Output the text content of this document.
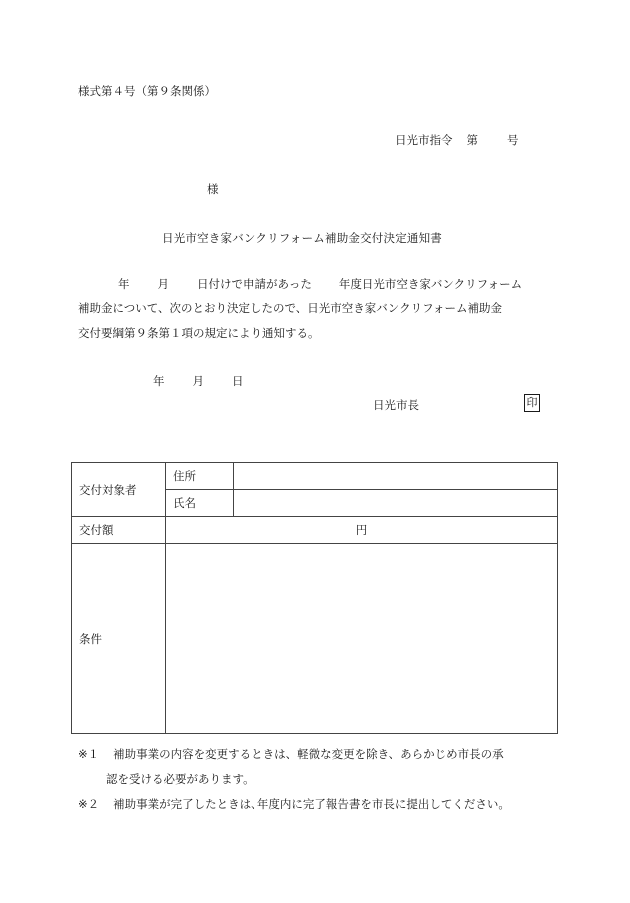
様式第４号（第９条関係）
日光市指令 第	号
様
日光市空き家バンクリフォーム補助金交付決定通知書
年 月 日付けで申請があった 年度日光市空き家バンクリフォーム
補助金について、次のとおり決定したので、日光市空き家バンクリフォーム補助金
交付要綱第９条第１項の規定により通知する。
年 月 日
日光市長	印
交付対象者	住所	
	氏名	
交付額	円	
条件		
※１ 補助事業の内容を変更するときは、軽微な変更を除き、あらかじめ市長の承
認を受ける必要があります。
※２ 補助事業が完了したときは､年度内に完了報告書を市長に提出してください。
